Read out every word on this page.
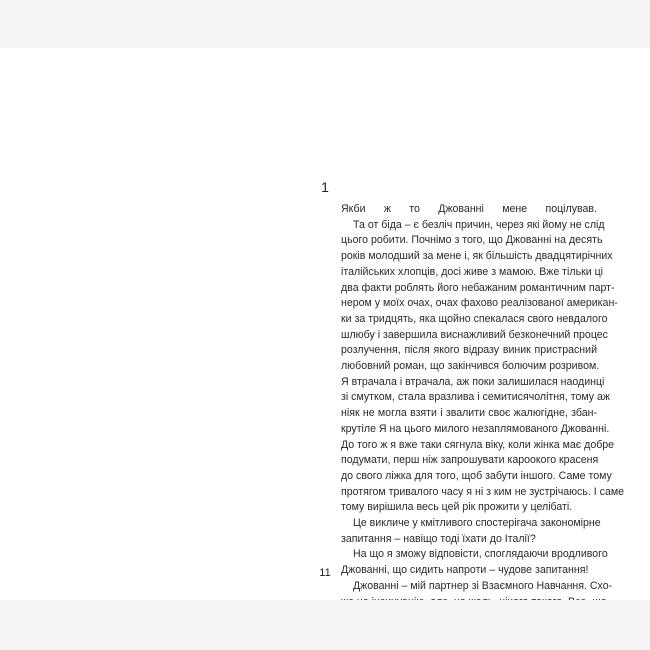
1
Якби ж то Джованні мене поцілував.
Та от біда – є безліч причин, через які йому не слід
цього робити. Почнімо з того, що Джованні на десять
років молодший за мене і, як більшість двадцятирічних
італійських хлопців, досі живе з мамою. Вже тільки ці
два факти роблять його небажаним романтичним парт-
нером у моїх очах, очах фахово реалізованої американ-
ки за тридцять, яка щойно спекалася свого невдалого
шлюбу і завершила виснажливий безконечний процес
розлучення, після якого відразу виник пристрасний
любовний роман, що закінчився болючим розривом.
Я втрачала і втрачала, аж поки залишилася наодинці
зі смутком, стала вразлива і семитисячолітня, тому аж
ніяк не могла взяти і звалити своє жалюгідне, збан-
крутіле Я на цього милого незаплямованого Джованні.
До того ж я вже таки сягнула віку, коли жінка має добре
подумати, перш ніж запрошувати кароокого красеня
до свого ліжка для того, щоб забути іншого. Саме тому
протягом тривалого часу я ні з ким не зустрічаюсь. І саме
тому вирішила весь цей рік прожити у целібаті.
Це викличе у кмітливого спостерігача закономірне
запитання – навіщо тоді їхати до Італії?
На що я зможу відповісти, споглядаючи вродливого
Джованні, що сидить напроти – чудове запитання!
Джованні – мій партнер зі Взаємного Навчання. Схо-
11
